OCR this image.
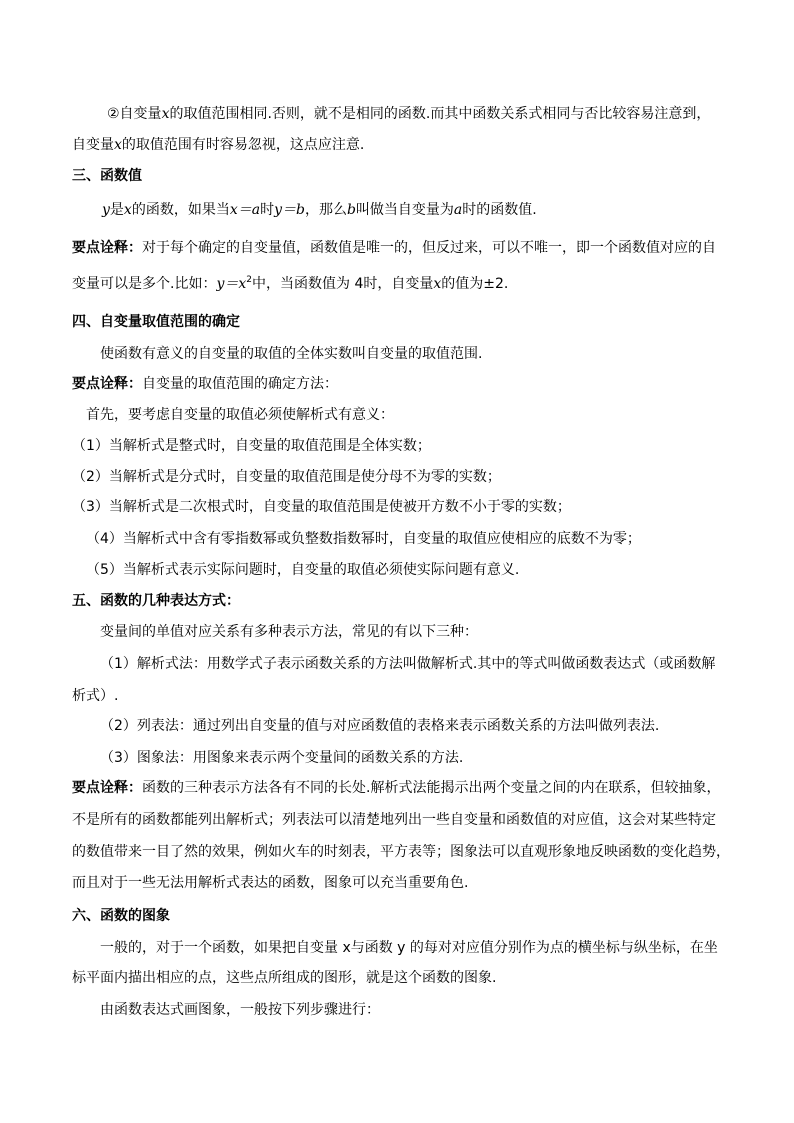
②自变量x的取值范围相同.否则，就不是相同的函数.而其中函数关系式相同与否比较容易注意到，
自变量x的取值范围有时容易忽视，这点应注意.
三、函数值
y是x的函数，如果当x＝a时y＝b，那么b叫做当自变量为a时的函数值.
要点诠释：对于每个确定的自变量值，函数值是唯一的，但反过来，可以不唯一，即一个函数值对应的自
变量可以是多个.比如：$y=x^2$中，当函数值为 4时，自变量x的值为±2.
四、自变量取值范围的确定
使函数有意义的自变量的取值的全体实数叫自变量的取值范围.
要点诠释：自变量的取值范围的确定方法：
首先，要考虑自变量的取值必须使解析式有意义：
（1）当解析式是整式时，自变量的取值范围是全体实数；
（2）当解析式是分式时，自变量的取值范围是使分母不为零的实数；
（3）当解析式是二次根式时，自变量的取值范围是使被开方数不小于零的实数；
（4）当解析式中含有零指数幂或负整数指数幂时，自变量的取值应使相应的底数不为零；
（5）当解析式表示实际问题时，自变量的取值必须使实际问题有意义.
五、函数的几种表达方式：
变量间的单值对应关系有多种表示方法，常见的有以下三种：
（1）解析式法：用数学式子表示函数关系的方法叫做解析式.其中的等式叫做函数表达式（或函数解
析式）.
（2）列表法：通过列出自变量的值与对应函数值的表格来表示函数关系的方法叫做列表法.
（3）图象法：用图象来表示两个变量间的函数关系的方法.
要点诠释：函数的三种表示方法各有不同的长处.解析式法能揭示出两个变量之间的内在联系，但较抽象，
不是所有的函数都能列出解析式；列表法可以清楚地列出一些自变量和函数值的对应值，这会对某些特定
的数值带来一目了然的效果，例如火车的时刻表，平方表等；图象法可以直观形象地反映函数的变化趋势，
而且对于一些无法用解析式表达的函数，图象可以充当重要角色.
六、函数的图象
一般的，对于一个函数，如果把自变量 x与函数 y 的每对对应值分别作为点的横坐标与纵坐标，在坐
标平面内描出相应的点，这些点所组成的图形，就是这个函数的图象.
由函数表达式画图象，一般按下列步骤进行：
